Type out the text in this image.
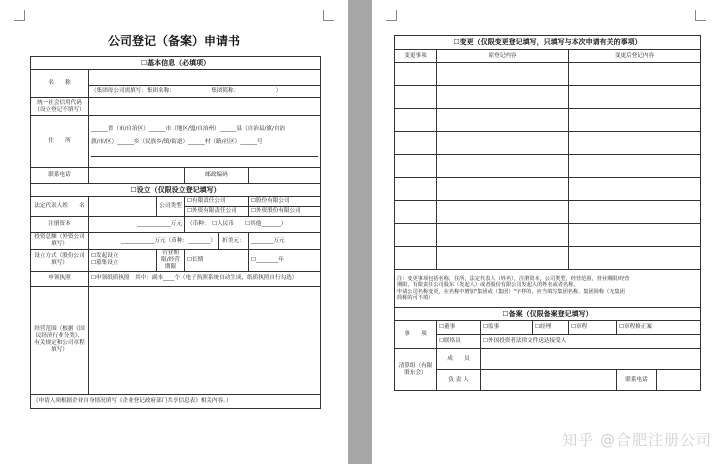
公司登记（备案）申请书
☐基本信息（必填项）					
名　　称					
	（集团母公司需填写：集团名称：　　　　　　　集团简称：　　　　　　　）				
统一社会信用代码（设立登记不填写）					
住　　所	______省（市/自治区）______市（地区/盟/自治州）______县（自治县/旗/自治
旗/市/区）______乡（民族乡/镇/街道）______村（路/社区）______号				

联系电话			邮政编码		
☐设立（仅限设立登记填写）					
法定代表人姓　　名		公司类型	☐有限责任公司		☐股份有限公司
			☐外资有限责任公司		☐外资股份有限公司
注册资本	____________万元		（币种：　☐人民币　　☐其他_______）		
投资总额（外资公司填写）	____________万元（币种：________）			折美元：	________万元
设立方式（股份公司填写）	☐发起设立
☐募集设立	营业期限/经营期限	☐长期		☐________年
申领执照	☐申领纸质执照　其中：副本____个（电子执照系统自动生成，纸质执照自行勾选）				
经营范围（根据《国民经济行业分类》、有关规定和公司章程填写）					
（申请人须根据企业自身情况填写《企业登记政府部门共享信息表》相关内容。）					
☐变更（仅限变更登记填写，只填写与本次申请有关的事项）						
变更事项	原登记内容			变更后登记内容		

注：变更事项包括名称，住所，法定代表人（姓名），注册资本，公司类型，经营范围，营业期限/经营
期限，有限责任公司股东（发起人）或者股份有限公司发起人的姓名或者名称。
申请公司名称变更，在名称中增加"集团或（集团）"字样的，应当填写集团名称、集团简称（无集团
简称的可不填）						

☐备案（仅限备案登记填写）						
事　　项	☐董事	☐监事	☐经理	☐章程	☐章程修正案	
	☐联络员	☐外国投资者法律文件送达接受人				
清算组（有限股东会）	成　　员					
	负 责 人				联系电话	
知乎 @合肥注册公司
